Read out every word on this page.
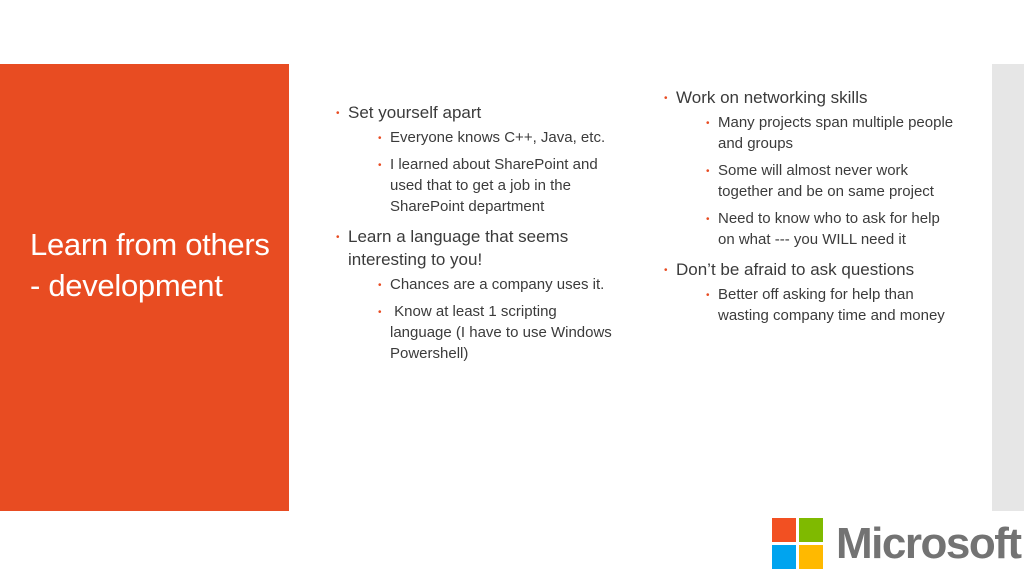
Learn from others - development
• Set yourself apart
• Everyone knows C++, Java, etc.
• I learned about SharePoint and used that to get a job in the SharePoint department
• Learn a language that seems interesting to you!
• Chances are a company uses it.
• Know at least 1 scripting language (I have to use Windows Powershell)
• Work on networking skills
• Many projects span multiple people and groups
• Some will almost never work together and be on same project
• Need to know who to ask for help on what --- you WILL need it
• Don’t be afraid to ask questions
• Better off asking for help than wasting company time and money
Microsoft
